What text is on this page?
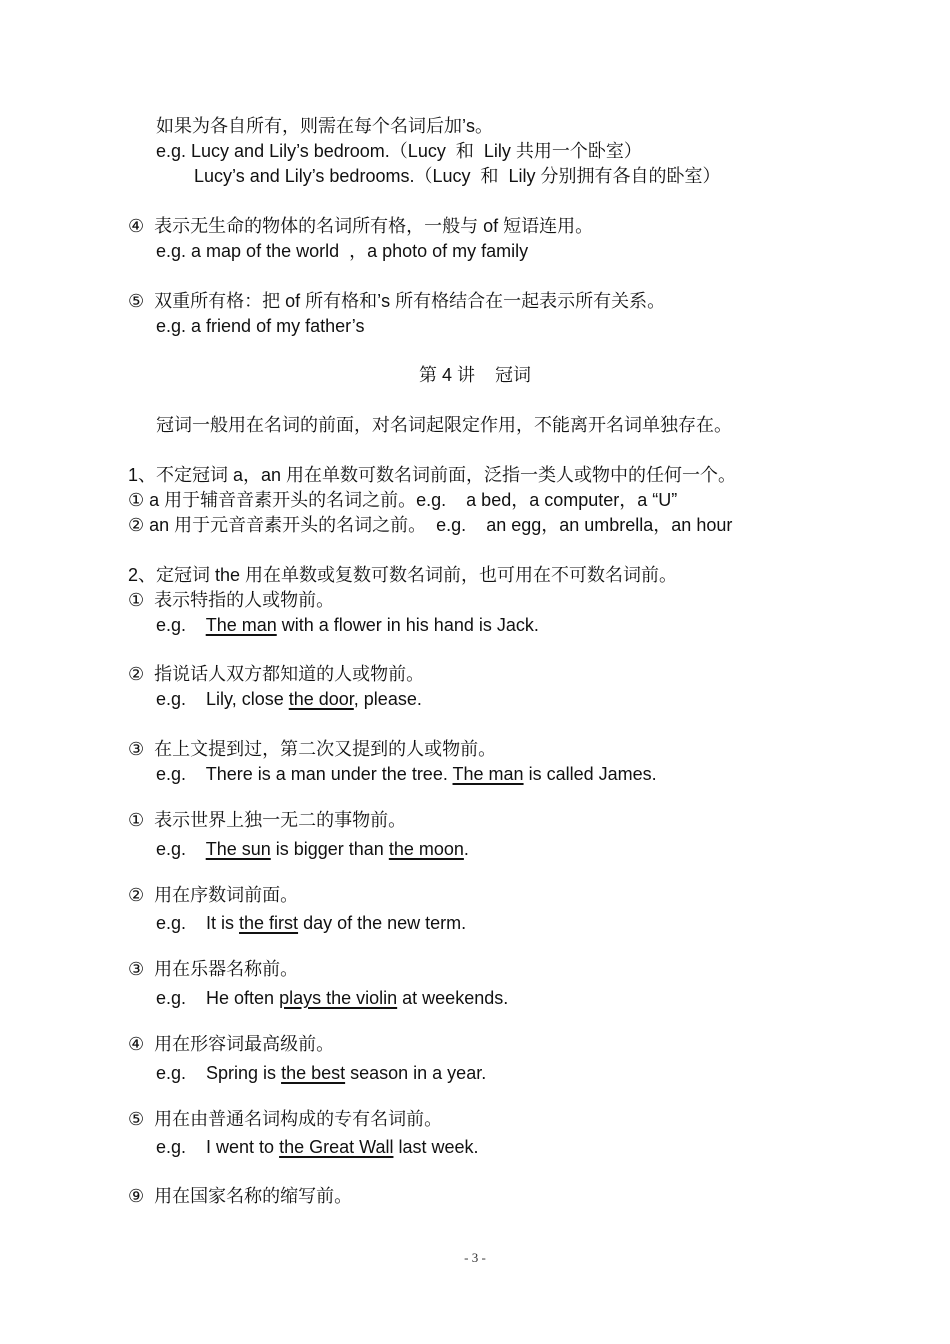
如果为各自所有，则需在每个名词后加’s。
e.g. Lucy and Lily’s bedroom.（Lucy  和  Lily 共用一个卧室）
Lucy’s and Lily’s bedrooms.（Lucy  和  Lily 分别拥有各自的卧室）
④  表示无生命的物体的名词所有格，一般与 of 短语连用。
e.g. a map of the world  ，a photo of my family
⑤  双重所有格：把 of 所有格和’s 所有格结合在一起表示所有关系。
e.g. a friend of my father’s
第 4 讲    冠词
冠词一般用在名词的前面，对名词起限定作用，不能离开名词单独存在。
1、不定冠词 a，an 用在单数可数名词前面，泛指一类人或物中的任何一个。
① a 用于辅音音素开头的名词之前。e.g.    a bed，a computer，a “U”
② an 用于元音音素开头的名词之前。  e.g.    an egg，an umbrella，an hour
2、定冠词 the 用在单数或复数可数名词前，也可用在不可数名词前。
①  表示特指的人或物前。
e.g.    The man with a flower in his hand is Jack.
②  指说话人双方都知道的人或物前。
e.g.    Lily, close the door, please.
③  在上文提到过，第二次又提到的人或物前。
e.g.    There is a man under the tree. The man is called James.
①  表示世界上独一无二的事物前。
e.g.    The sun is bigger than the moon.
②  用在序数词前面。
e.g.    It is the first day of the new term.
③  用在乐器名称前。
e.g.    He often plays the violin at weekends.
④  用在形容词最高级前。
e.g.    Spring is the best season in a year.
⑤  用在由普通名词构成的专有名词前。
e.g.    I went to the Great Wall last week.
⑨  用在国家名称的缩写前。
- 3 -
